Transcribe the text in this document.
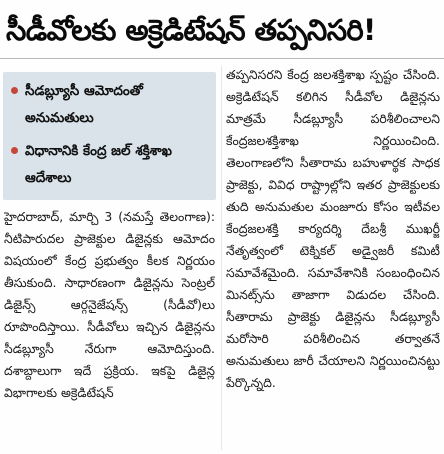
సీడీవోలకు అక్రెడిటేషన్ తప్పనిసరి!
సీడబ్ల్యూసీ ఆమోదంతో అనుమతులు
విధానానికి కేంద్ర జల్ శక్తిశాఖ ఆదేశాలు

హైదరాబాద్, మార్చి 3 (నమస్తే తెలంగాణ): నీటిపారుదల ప్రాజెక్టుల డిజైన్లకు ఆమోదం విషయంలో కేంద్ర ప్రభుత్వం కీలక నిర్ణయం తీసుకుంది. సాధారణంగా డిజైన్లను సెంట్రల్ డిజైన్స్ ఆర్గనైజేషన్స్ (సీడీవో)లు రూపొందిస్తాయి. సీడీవోలు ఇచ్చిన డిజైన్లను సీడబ్ల్యూసీ నేరుగా ఆమోదిస్తుంది. దశాబ్దాలుగా ఇదే ప్రక్రియ. ఇకపై డిజైన్ల విభాగాలకు అక్రెడిటేషన్

తప్పనిసరని కేంద్ర జలశక్తిశాఖ స్పష్టం చేసింది. అక్రెడిటేషన్ కలిగిన సీడీవోల డిజైన్లను మాత్రమే సీడబ్ల్యూసీ పరిశీలించాలని కేంద్రజలశక్తిశాఖ నిర్ణయించింది. తెలంగాణలోని సీతారామ బహుళార్థక సాధక ప్రాజెక్టు, వివిధ రాష్ట్రాల్లోని ఇతర ప్రాజెక్టులకు తుది అనుమతుల మంజూరు కోసం ఇటీవల కేంద్రజలశక్తి కార్యదర్శి దేబశ్రీ ముఖర్జీ నేతృత్వంలో టెక్నికల్ అడ్వైజరీ కమిటీ సమావేశమైంది. సమావేశానికి సంబంధించిన మినట్స్‌ను తాజాగా విడుదల చేసింది. సీతారామ ప్రాజెక్టు డిజైన్లను సీడబ్ల్యూసీ మరోసారి పరిశీలించిన తర్వాతనే అనుమతులు జారీ చేయాలని నిర్ణయించినట్టు పేర్కొన్నది.
